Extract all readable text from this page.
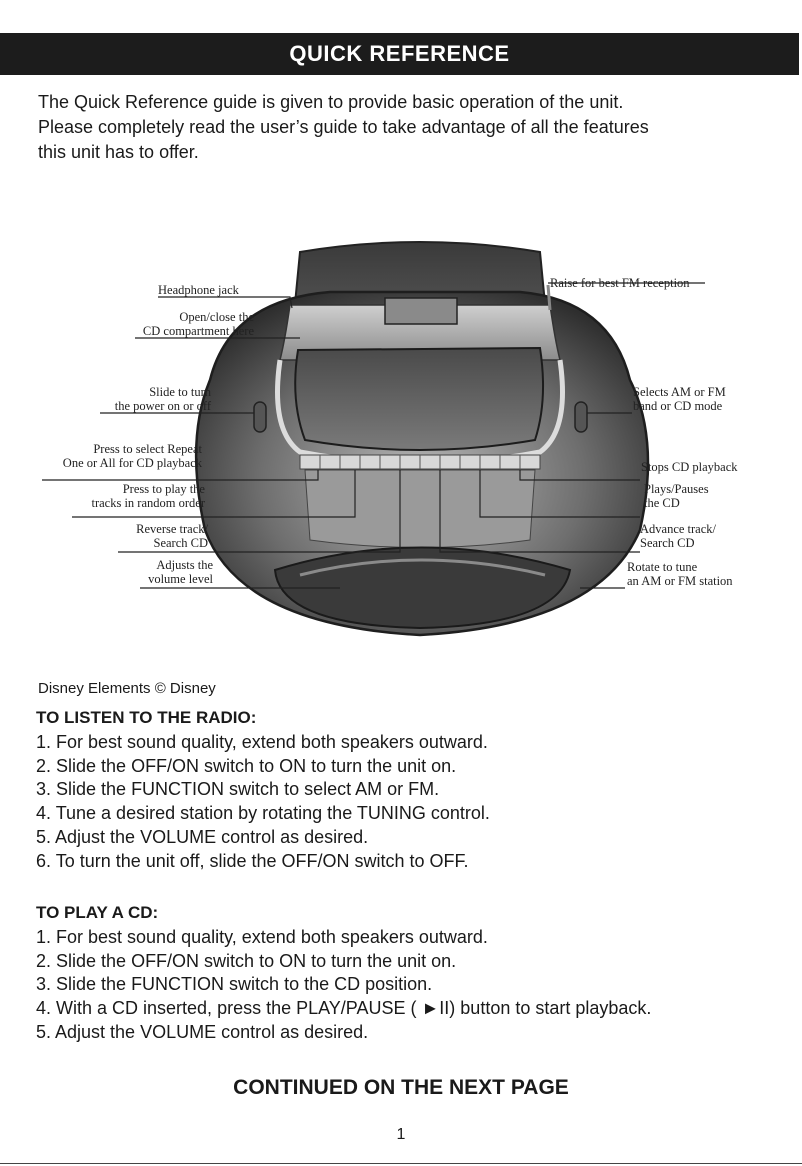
QUICK REFERENCE
The Quick Reference guide is given to provide basic operation of the unit.
Please completely read the user’s guide to take advantage of all the features
this unit has to offer.
Headphone jack
Open/close the
CD compartment here
Slide to turn
the power on or off
Press to select Repeat
One or All for CD playback
Press to play the
tracks in random order
Reverse track/
Search CD
Adjusts the
volume level
Raise for best FM reception
Selects AM or FM
band or CD mode
Stops CD playback
Plays/Pauses
the CD
Advance track/
Search CD
Rotate to tune
an AM or FM station
Disney Elements © Disney
TO LISTEN TO THE RADIO:
1. For best sound quality, extend both speakers outward.
2. Slide the OFF/ON switch to ON to turn the unit on.
3. Slide the FUNCTION switch to select AM or FM.
4. Tune a desired station by rotating the TUNING control.
5. Adjust the VOLUME control as desired.
6. To turn the unit off, slide the OFF/ON switch to OFF.
TO PLAY A CD:
1. For best sound quality, extend both speakers outward.
2. Slide the OFF/ON switch to ON to turn the unit on.
3. Slide the FUNCTION switch to the CD position.
4. With a CD inserted, press the PLAY/PAUSE ( ►II) button to start playback.
5. Adjust the VOLUME control as desired.
CONTINUED ON THE NEXT PAGE
1
